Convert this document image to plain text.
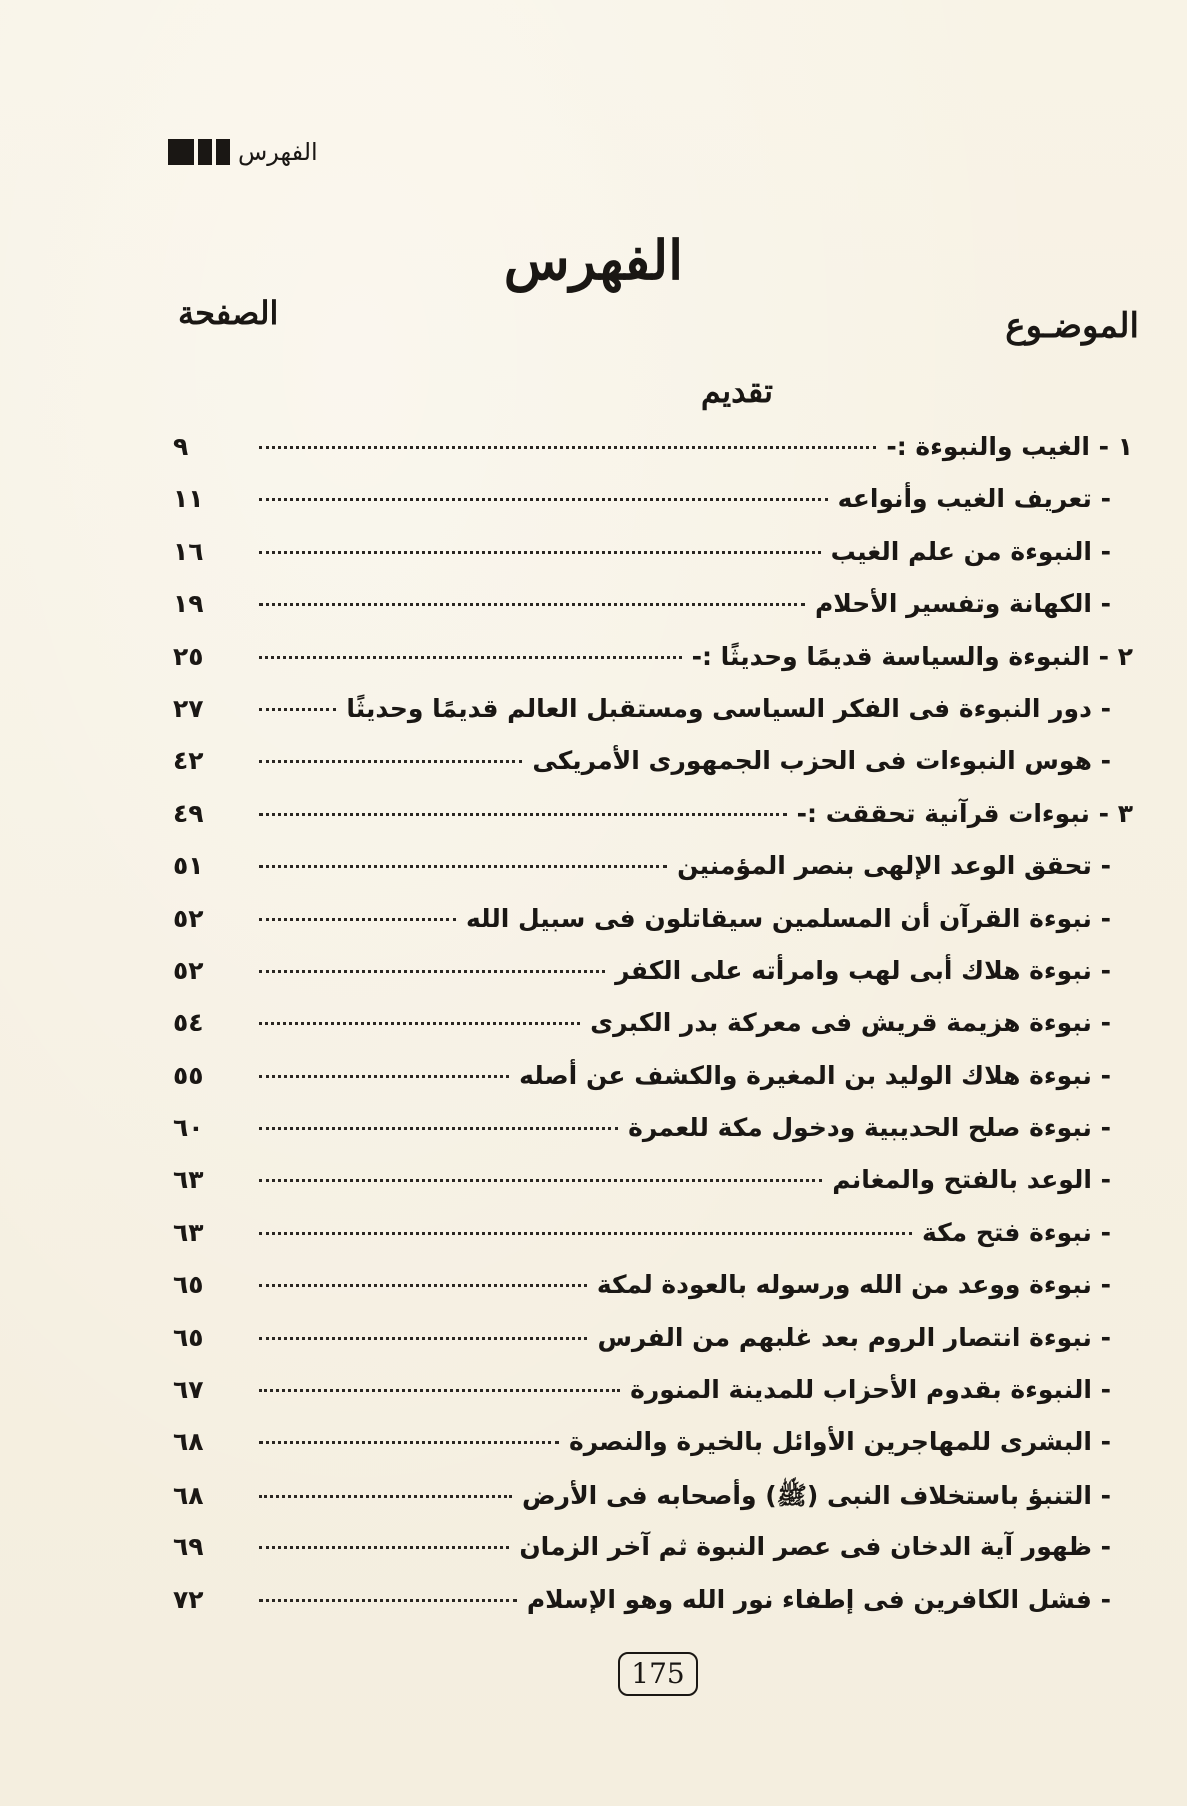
الفهرس
الفهرس
الموضـوع
الصفحة
تقديم
١ - الغيب والنبوءة :-
٩
- تعريف الغيب وأنواعه
١١
- النبوءة من علم الغيب
١٦
- الكهانة وتفسير الأحلام
١٩
٢ - النبوءة والسياسة قديمًا وحديثًا :-
٢٥
- دور النبوءة فى الفكر السياسى ومستقبل العالم قديمًا وحديثًا
٢٧
- هوس النبوءات فى الحزب الجمهورى الأمريكى
٤٢
٣ - نبوءات قرآنية تحققت :-
٤٩
- تحقق الوعد الإلهى بنصر المؤمنين
٥١
- نبوءة القرآن أن المسلمين سيقاتلون فى سبيل الله
٥٢
- نبوءة هلاك أبى لهب وامرأته على الكفر
٥٢
- نبوءة هزيمة قريش فى معركة بدر الكبرى
٥٤
- نبوءة هلاك الوليد بن المغيرة والكشف عن أصله
٥٥
- نبوءة صلح الحديبية ودخول مكة للعمرة
٦٠
- الوعد بالفتح والمغانم
٦٣
- نبوءة فتح مكة
٦٣
- نبوءة ووعد من الله ورسوله بالعودة لمكة
٦٥
- نبوءة انتصار الروم بعد غلبهم من الفرس
٦٥
- النبوءة بقدوم الأحزاب للمدينة المنورة
٦٧
- البشرى للمهاجرين الأوائل بالخيرة والنصرة
٦٨
- التنبؤ باستخلاف النبى (ﷺ) وأصحابه فى الأرض
٦٨
- ظهور آية الدخان فى عصر النبوة ثم آخر الزمان
٦٩
- فشل الكافرين فى إطفاء نور الله وهو الإسلام
٧٢
175
